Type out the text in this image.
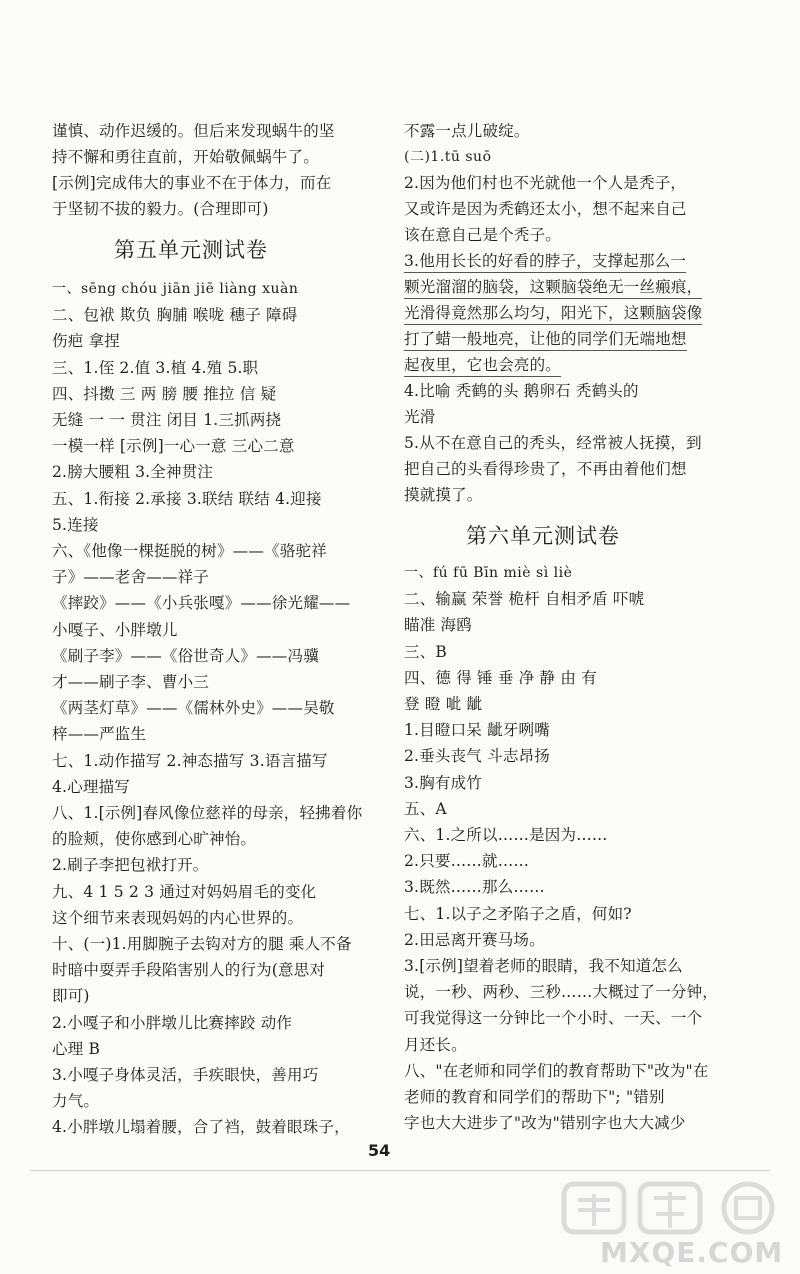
谨慎、动作迟缓的。但后来发现蜗牛的坚
持不懈和勇往直前，开始敬佩蜗牛了。
[示例]完成伟大的事业不在于体力，而在
于坚韧不拔的毅力。(合理即可)
第五单元测试卷
一、sēng chóu jiān jiē liàng xuàn
二、包袱 欺负 胸脯 喉咙 穗子 障碍
伤疤 拿捏
三、1.侄 2.值 3.植 4.殖 5.职
四、抖擞 三 两 膀 腰 推拉 信 疑
无缝 一 一 贯注 闭目 1.三抓两挠
一模一样 [示例]一心一意 三心二意
2.膀大腰粗 3.全神贯注
五、1.衔接 2.承接 3.联结 联结 4.迎接
5.连接
六、《他像一棵挺脱的树》——《骆驼祥
子》——老舍——祥子
《摔跤》——《小兵张嘎》——徐光耀——
小嘎子、小胖墩儿
《刷子李》——《俗世奇人》——冯骥
才——刷子李、曹小三
《两茎灯草》——《儒林外史》——吴敬
梓——严监生
七、1.动作描写 2.神态描写 3.语言描写
4.心理描写
八、1.[示例]春风像位慈祥的母亲，轻拂着你
的脸颊，使你感到心旷神怡。
2.刷子李把包袱打开。
九、4 1 5 2 3 通过对妈妈眉毛的变化
这个细节来表现妈妈的内心世界的。
十、(一)1.用脚腕子去钩对方的腿 乘人不备
时暗中耍弄手段陷害别人的行为(意思对
即可)
2.小嘎子和小胖墩儿比赛摔跤 动作
心理 B
3.小嘎子身体灵活，手疾眼快，善用巧
力气。
4.小胖墩儿塌着腰，合了裆，鼓着眼珠子，
不露一点儿破绽。
(二)1.tū suō
2.因为他们村也不光就他一个人是秃子，
又或许是因为秃鹤还太小，想不起来自己
该在意自己是个秃子。
3.他用长长的好看的脖子，支撑起那么一
颗光溜溜的脑袋，这颗脑袋绝无一丝瘢痕，
光滑得竟然那么均匀，阳光下，这颗脑袋像
打了蜡一般地亮，让他的同学们无端地想
起夜里，它也会亮的。
4.比喻 秃鹤的头 鹅卵石 秃鹤头的
光滑
5.从不在意自己的秃头，经常被人抚摸，到
把自己的头看得珍贵了，不再由着他们想
摸就摸了。
第六单元测试卷
一、fú fū Bīn miè sì liè
二、输赢 荣誉 桅杆 自相矛盾 吓唬
瞄准 海鸥
三、B
四、德 得 锤 垂 净 静 由 有
登 瞪 呲 龇
1.目瞪口呆 龇牙咧嘴
2.垂头丧气 斗志昂扬
3.胸有成竹
五、A
六、1.之所以……是因为……
2.只要……就……
3.既然……那么……
七、1.以子之矛陷子之盾，何如?
2.田忌离开赛马场。
3.[示例]望着老师的眼睛，我不知道怎么
说，一秒、两秒、三秒……大概过了一分钟，
可我觉得这一分钟比一个小时、一天、一个
月还长。
八、"在老师和同学们的教育帮助下"改为"在
老师的教育和同学们的帮助下"; "错别
字也大大进步了"改为"错别字也大大减少
54
MXQE.COM
